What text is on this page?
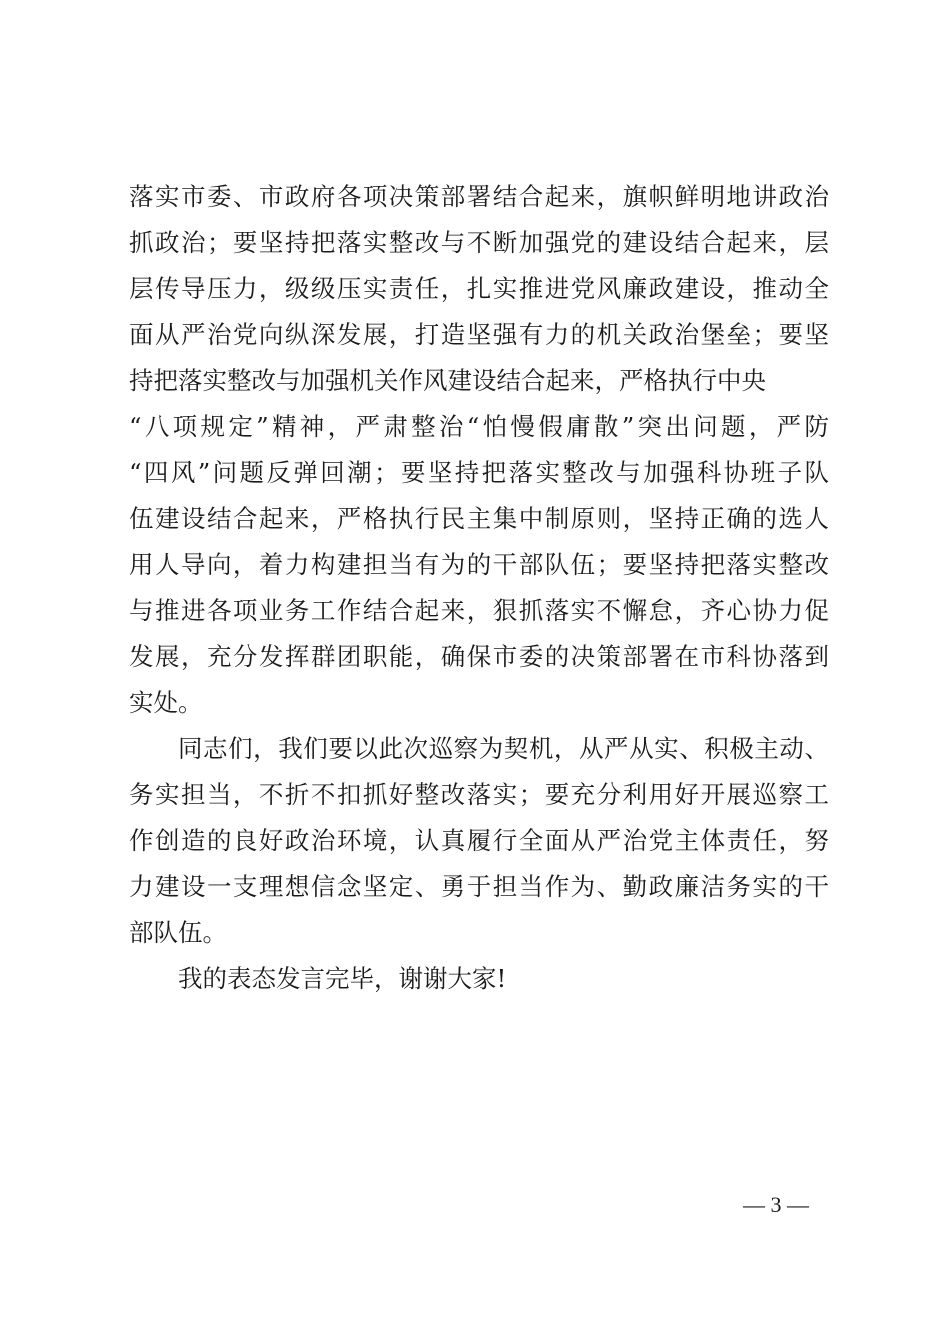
落实市委、市政府各项决策部署结合起来，旗帜鲜明地讲政治
抓政治；要坚持把落实整改与不断加强党的建设结合起来，层
层传导压力，级级压实责任，扎实推进党风廉政建设，推动全
面从严治党向纵深发展，打造坚强有力的机关政治堡垒；要坚
持把落实整改与加强机关作风建设结合起来，严格执行中央
“八项规定”精神，严肃整治“怕慢假庸散”突出问题，严防
“四风”问题反弹回潮；要坚持把落实整改与加强科协班子队
伍建设结合起来，严格执行民主集中制原则，坚持正确的选人
用人导向，着力构建担当有为的干部队伍；要坚持把落实整改
与推进各项业务工作结合起来，狠抓落实不懈怠，齐心协力促
发展，充分发挥群团职能，确保市委的决策部署在市科协落到
实处。
同志们，我们要以此次巡察为契机，从严从实、积极主动、
务实担当，不折不扣抓好整改落实；要充分利用好开展巡察工
作创造的良好政治环境，认真履行全面从严治党主体责任，努
力建设一支理想信念坚定、勇于担当作为、勤政廉洁务实的干
部队伍。
我的表态发言完毕，谢谢大家!
— 3 —
